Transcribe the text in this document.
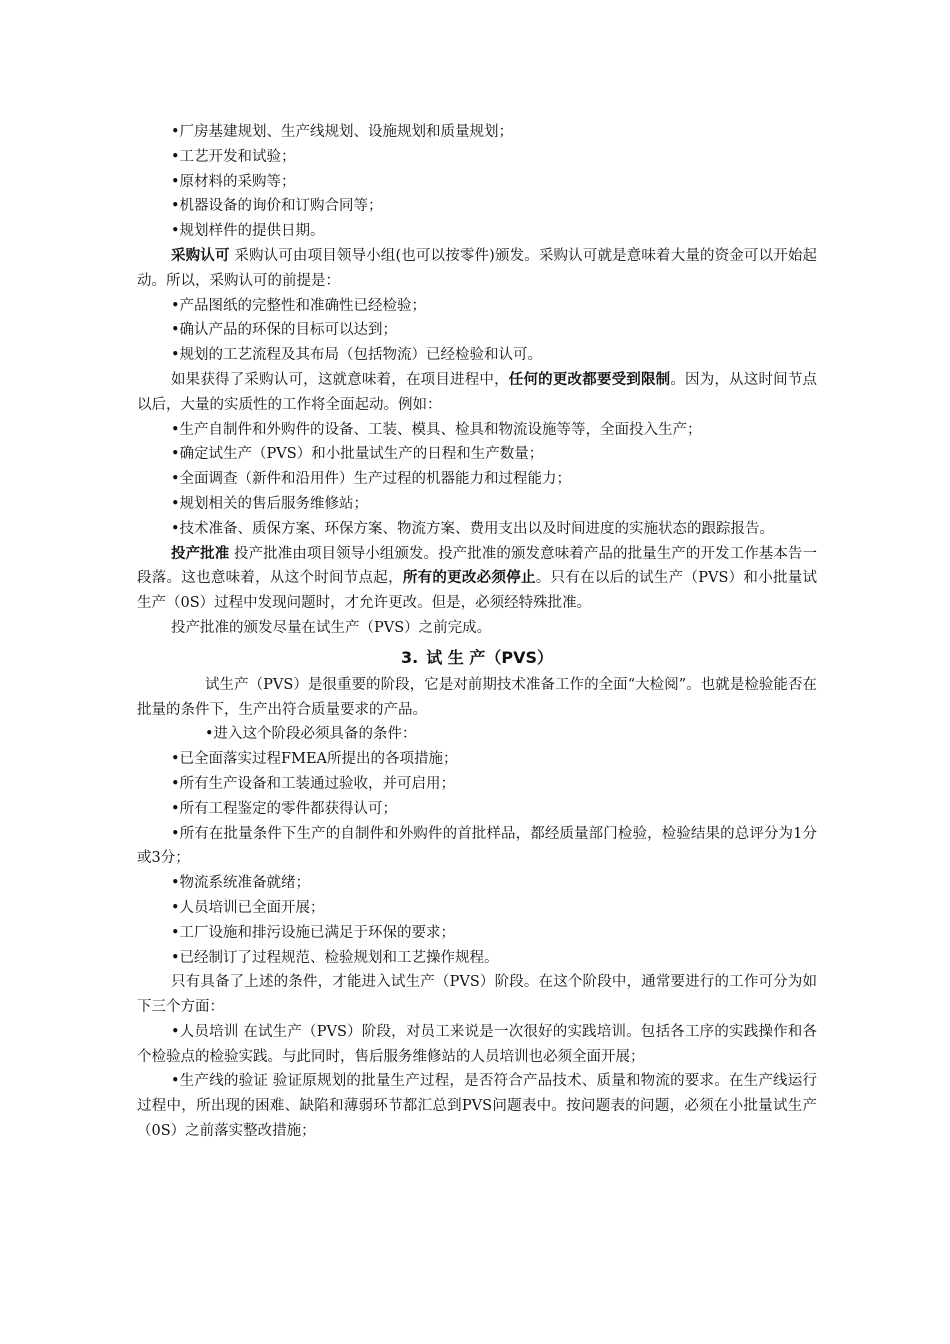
•厂房基建规划、生产线规划、设施规划和质量规划；

•工艺开发和试验；

•原材料的采购等；

•机器设备的询价和订购合同等；

•规划样件的提供日期。

采购认可 采购认可由项目领导小组(也可以按零件)颁发。采购认可就是意味着大量的资金可以开始起动。所以，采购认可的前提是：

•产品图纸的完整性和准确性已经检验；

•确认产品的环保的目标可以达到；

•规划的工艺流程及其布局（包括物流）已经检验和认可。

如果获得了采购认可，这就意味着，在项目进程中，任何的更改都要受到限制。因为，从这时间节点以后，大量的实质性的工作将全面起动。例如：

•生产自制件和外购件的设备、工装、模具、检具和物流设施等等，全面投入生产；

•确定试生产（PVS）和小批量试生产的日程和生产数量；

•全面调查（新件和沿用件）生产过程的机器能力和过程能力；

•规划相关的售后服务维修站；

•技术准备、质保方案、环保方案、物流方案、费用支出以及时间进度的实施状态的跟踪报告。

投产批准 投产批准由项目领导小组颁发。投产批准的颁发意味着产品的批量生产的开发工作基本告一段落。这也意味着，从这个时间节点起，所有的更改必须停止。只有在以后的试生产（PVS）和小批量试生产（0S）过程中发现问题时，才允许更改。但是，必须经特殊批准。

投产批准的颁发尽量在试生产（PVS）之前完成。

3. 试 生 产（PVS）

试生产（PVS）是很重要的阶段，它是对前期技术准备工作的全面“大检阅”。也就是检验能否在批量的条件下，生产出符合质量要求的产品。

•进入这个阶段必须具备的条件：

•已全面落实过程FMEA所提出的各项措施；

•所有生产设备和工装通过验收，并可启用；

•所有工程鉴定的零件都获得认可；

•所有在批量条件下生产的自制件和外购件的首批样品，都经质量部门检验，检验结果的总评分为1分或3分；

•物流系统准备就绪；

•人员培训已全面开展；

•工厂设施和排污设施已满足于环保的要求；

•已经制订了过程规范、检验规划和工艺操作规程。

只有具备了上述的条件，才能进入试生产（PVS）阶段。在这个阶段中，通常要进行的工作可分为如下三个方面：

•人员培训 在试生产（PVS）阶段，对员工来说是一次很好的实践培训。包括各工序的实践操作和各个检验点的检验实践。与此同时，售后服务维修站的人员培训也必须全面开展；

•生产线的验证 验证原规划的批量生产过程，是否符合产品技术、质量和物流的要求。在生产线运行过程中，所出现的困难、缺陷和薄弱环节都汇总到PVS问题表中。按问题表的问题，必须在小批量试生产（0S）之前落实整改措施；
